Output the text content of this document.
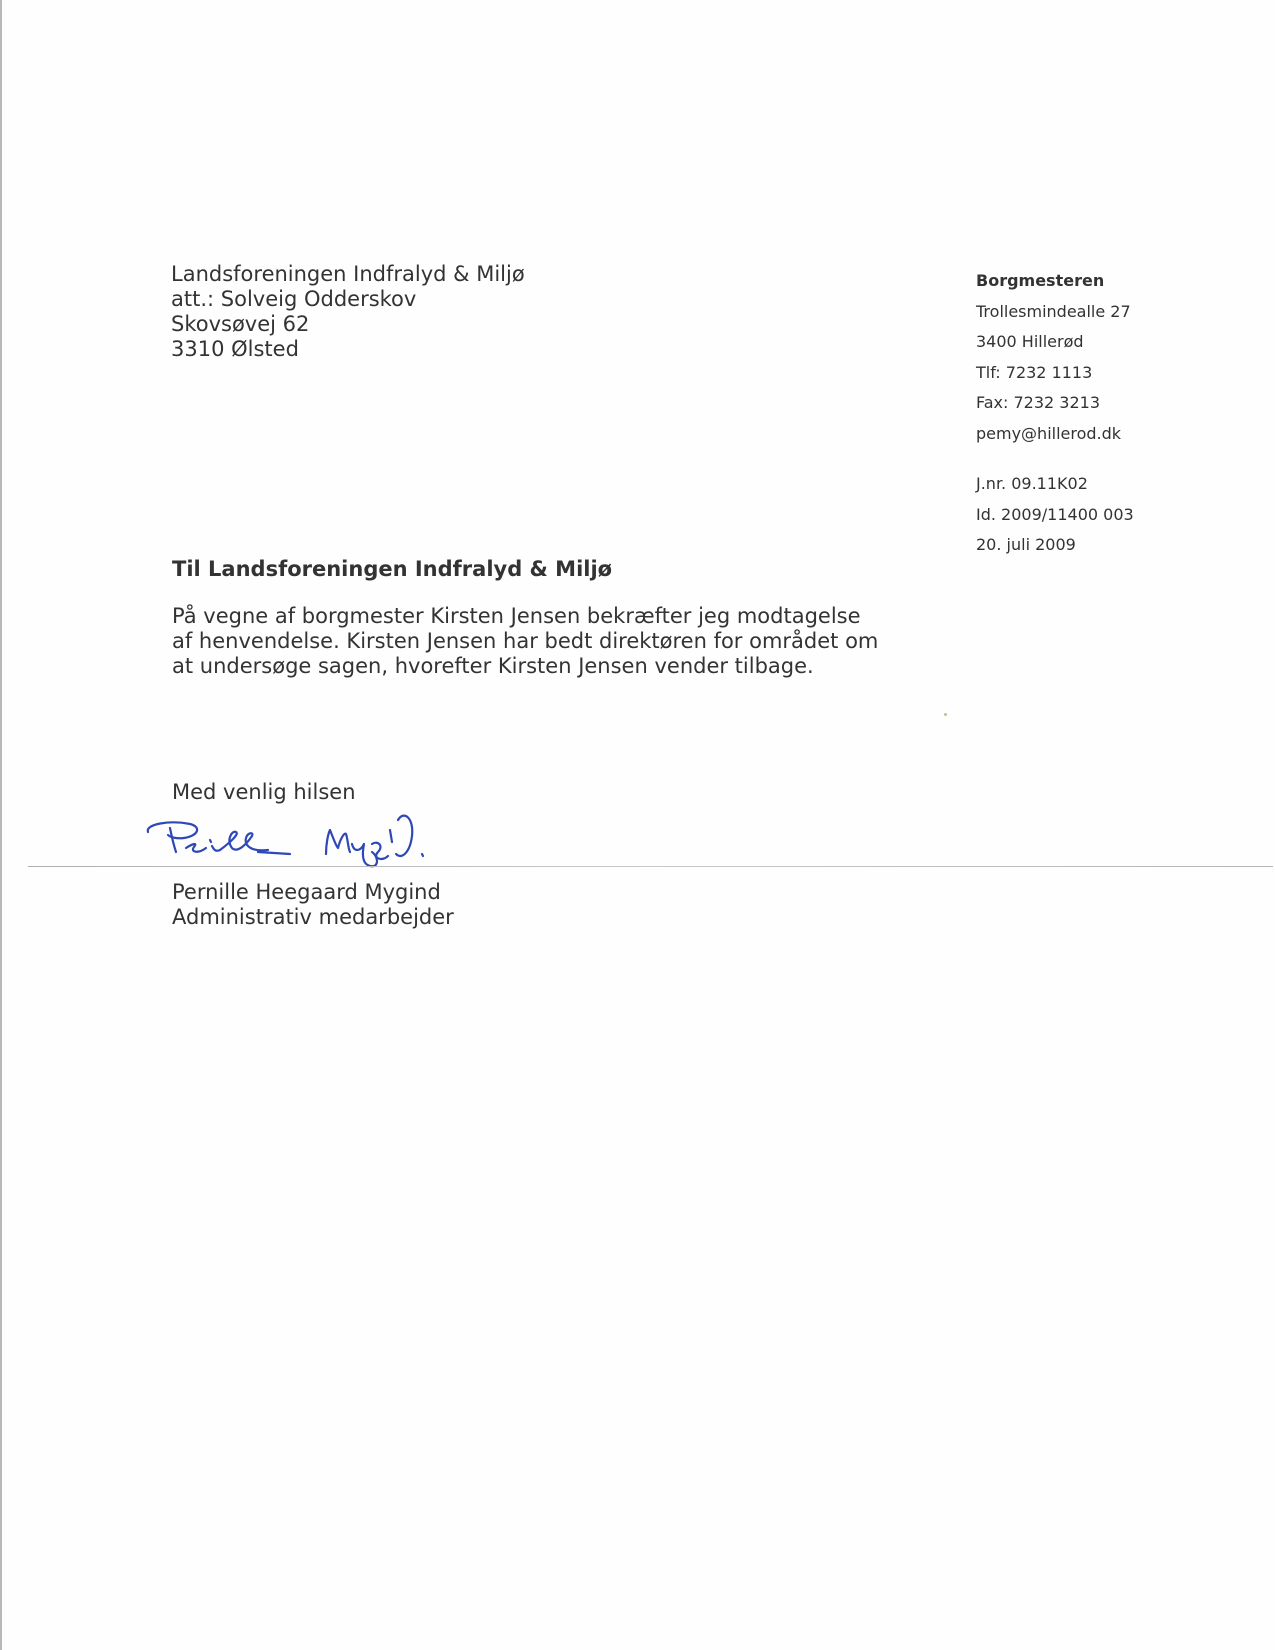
Landsforeningen Indfralyd & Miljø
att.: Solveig Odderskov
Skovsøvej 62
3310 Ølsted
Borgmesteren
Trollesmindealle 27
3400 Hillerød
Tlf: 7232 1113
Fax: 7232 3213
pemy@hillerod.dk
J.nr. 09.11K02
Id. 2009/11400 003
20. juli 2009
Til Landsforeningen Indfralyd & Miljø
På vegne af borgmester Kirsten Jensen bekræfter jeg modtagelse
af henvendelse. Kirsten Jensen har bedt direktøren for området om
at undersøge sagen, hvorefter Kirsten Jensen vender tilbage.
Med venlig hilsen
Pernille Heegaard Mygind
Administrativ medarbejder
